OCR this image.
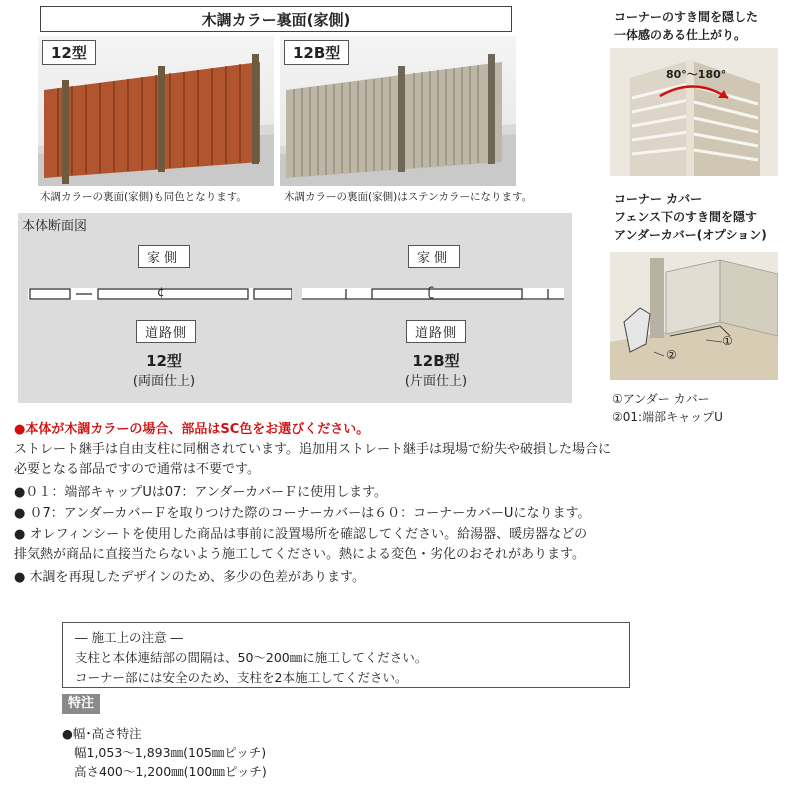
木調カラー裏面(家側)
12型	12B型
木調カラーの裏面(家側)も同色となります。	木調カラーの裏面(家側)はステンカラーになります。
本体断面図
家側	家側
¢	ʗ
道路側	道路側
12型
(両面仕上)
12B型
(片面仕上)
コーナーのすき間を隠した
一体感のある仕上がり。
80°～180°
コーナー カバー
フェンス下のすき間を隠す
アンダーカバー(オプション)
①
②
①アンダー カバー
②01:端部キャップU
●本体が木調カラーの場合、部品はSC色をお選びください。
ストレート継手は自由支柱に同梱されています。追加用ストレート継手は現場で紛失や破損した場合に
必要となる部品ですので通常は不要です。
●０１：端部キャップUは07：アンダーカバーＦに使用します。
● ０7：アンダーカバーＦを取りつけた際のコーナーカバーは６０：コーナーカバーUになります。
● オレフィンシートを使用した商品は事前に設置場所を確認してください。給湯器、暖房器などの
排気熱が商品に直接当たらないよう施工してください。熱による変色・劣化のおそれがあります。
● 木調を再現したデザインのため、多少の色差があります。
― 施工上の注意 ―
支柱と本体連結部の間隔は、50～200㎜に施工してください。
コーナー部には安全のため、支柱を2本施工してください。
特注
●幅･高さ特注
幅1,053～1,893㎜(105㎜ピッチ)
高さ400～1,200㎜(100㎜ピッチ)
